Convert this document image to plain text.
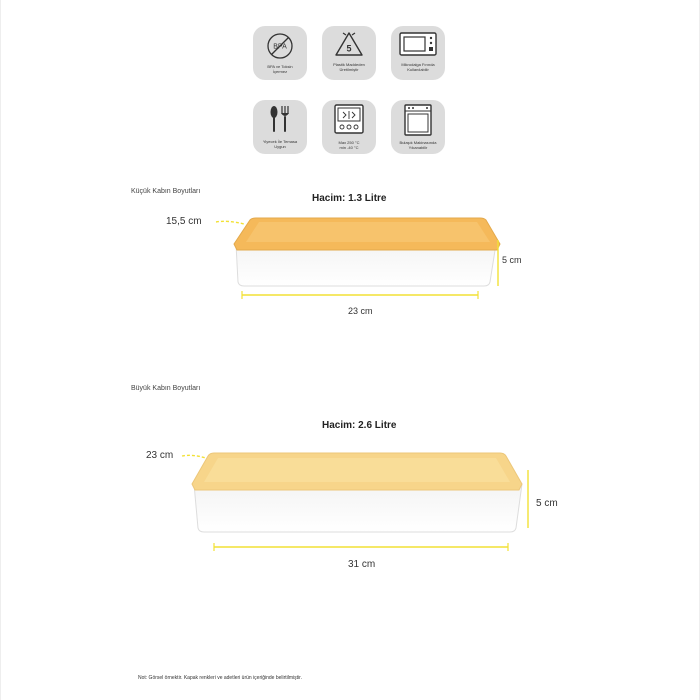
BPA
BPA ve Toksin
İçermez
5
Plastik Maddeden
Üretilmiştir
Mikrodalga Fırında
Kullanılabilir
Yiyecek İle Temasa
Uygun
Max 250 °C
min -40 °C
Bulaşık Makinasında
Yıkanabilir
Küçük Kabın Boyutları
Hacim: 1.3 Litre
15,5 cm
5 cm
23 cm
Büyük Kabın Boyutları
Hacim: 2.6 Litre
23 cm
5 cm
31 cm
Not: Görsel örnektir. Kapak renkleri ve adetleri ürün içeriğinde belirtilmiştir.
